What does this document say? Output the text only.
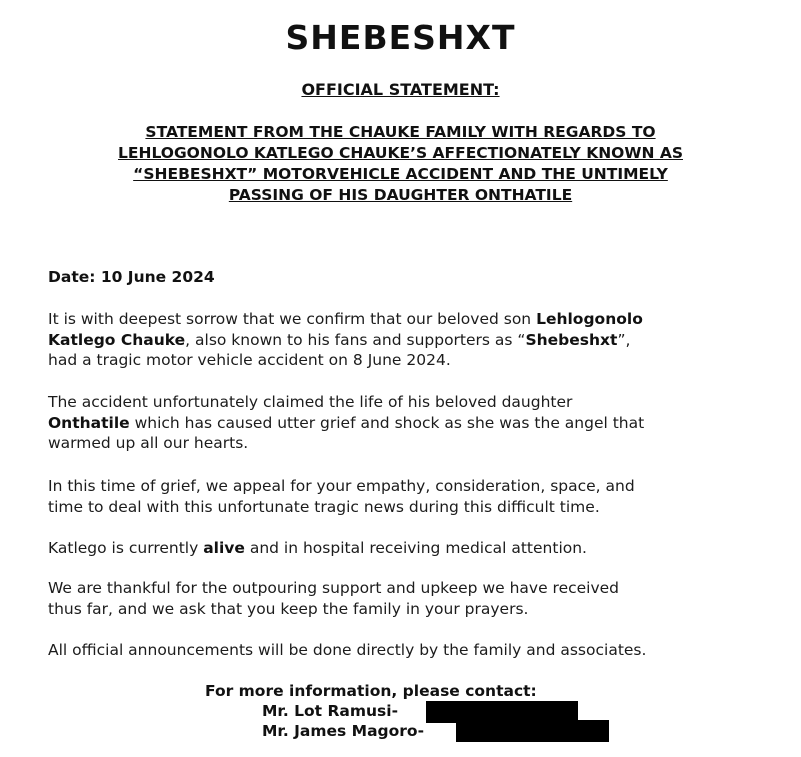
SHEBESHXT
OFFICIAL STATEMENT:
STATEMENT FROM THE CHAUKE FAMILY WITH REGARDS TO
LEHLOGONOLO KATLEGO CHAUKE’S AFFECTIONATELY KNOWN AS
“SHEBESHXT” MOTORVEHICLE ACCIDENT AND THE UNTIMELY
PASSING OF HIS DAUGHTER ONTHATILE
Date: 10 June 2024
It is with deepest sorrow that we confirm that our beloved son Lehlogonolo
Katlego Chauke, also known to his fans and supporters as “Shebeshxt”,
had a tragic motor vehicle accident on 8 June 2024.
The accident unfortunately claimed the life of his beloved daughter
Onthatile which has caused utter grief and shock as she was the angel that
warmed up all our hearts.
In this time of grief, we appeal for your empathy, consideration, space, and
time to deal with this unfortunate tragic news during this difficult time.
Katlego is currently alive and in hospital receiving medical attention.
We are thankful for the outpouring support and upkeep we have received
thus far, and we ask that you keep the family in your prayers.
All official announcements will be done directly by the family and associates.
For more information, please contact:
Mr. Lot Ramusi-
Mr. James Magoro-
